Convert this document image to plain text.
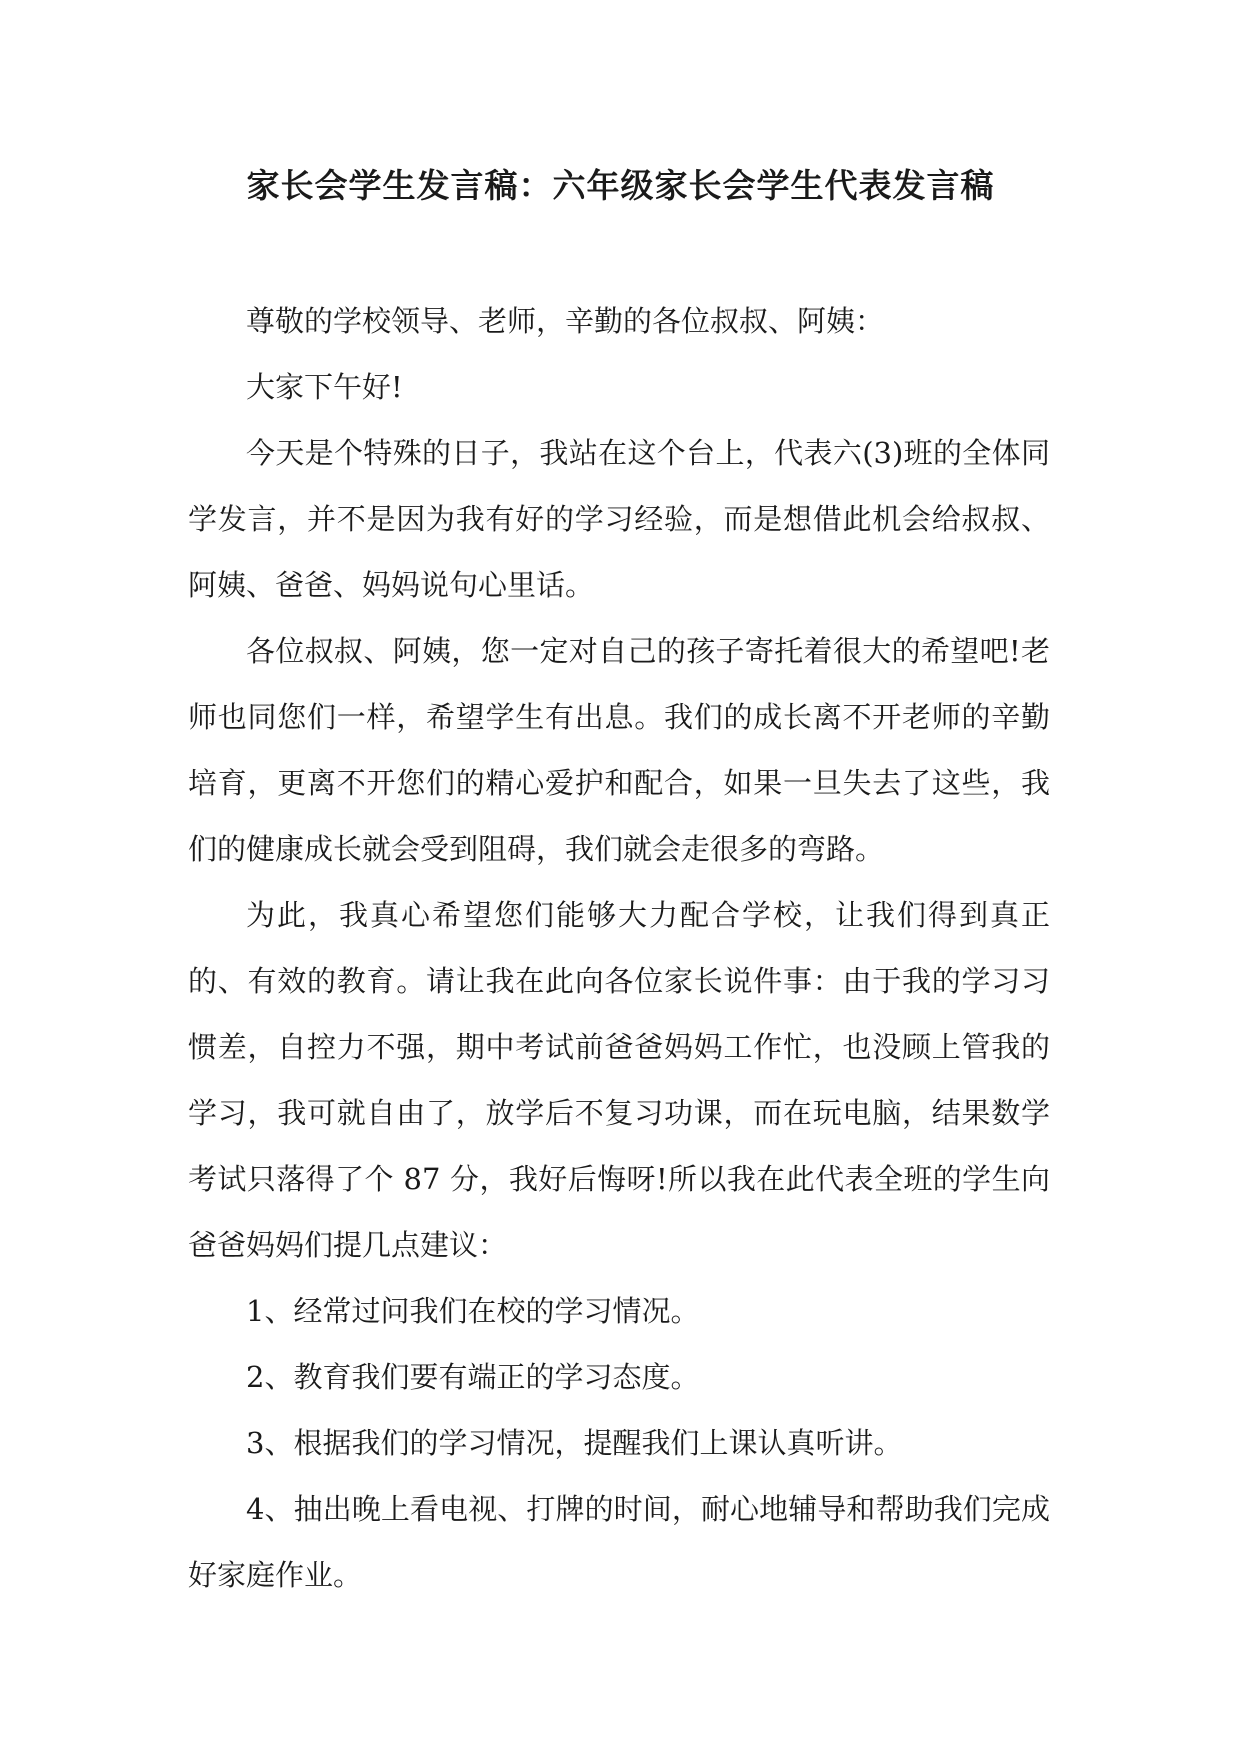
家长会学生发言稿：六年级家长会学生代表发言稿

尊敬的学校领导、老师，辛勤的各位叔叔、阿姨：

大家下午好!

今天是个特殊的日子，我站在这个台上，代表六(3)班的全体同学发言，并不是因为我有好的学习经验，而是想借此机会给叔叔、阿姨、爸爸、妈妈说句心里话。

各位叔叔、阿姨，您一定对自己的孩子寄托着很大的希望吧!老师也同您们一样，希望学生有出息。我们的成长离不开老师的辛勤培育，更离不开您们的精心爱护和配合，如果一旦失去了这些，我们的健康成长就会受到阻碍，我们就会走很多的弯路。

为此，我真心希望您们能够大力配合学校，让我们得到真正的、有效的教育。请让我在此向各位家长说件事：由于我的学习习惯差，自控力不强，期中考试前爸爸妈妈工作忙，也没顾上管我的学习，我可就自由了，放学后不复习功课，而在玩电脑，结果数学考试只落得了个 87 分，我好后悔呀!所以我在此代表全班的学生向爸爸妈妈们提几点建议：

1、经常过问我们在校的学习情况。

2、教育我们要有端正的学习态度。

3、根据我们的学习情况，提醒我们上课认真听讲。

4、抽出晚上看电视、打牌的时间，耐心地辅导和帮助我们完成好家庭作业。
